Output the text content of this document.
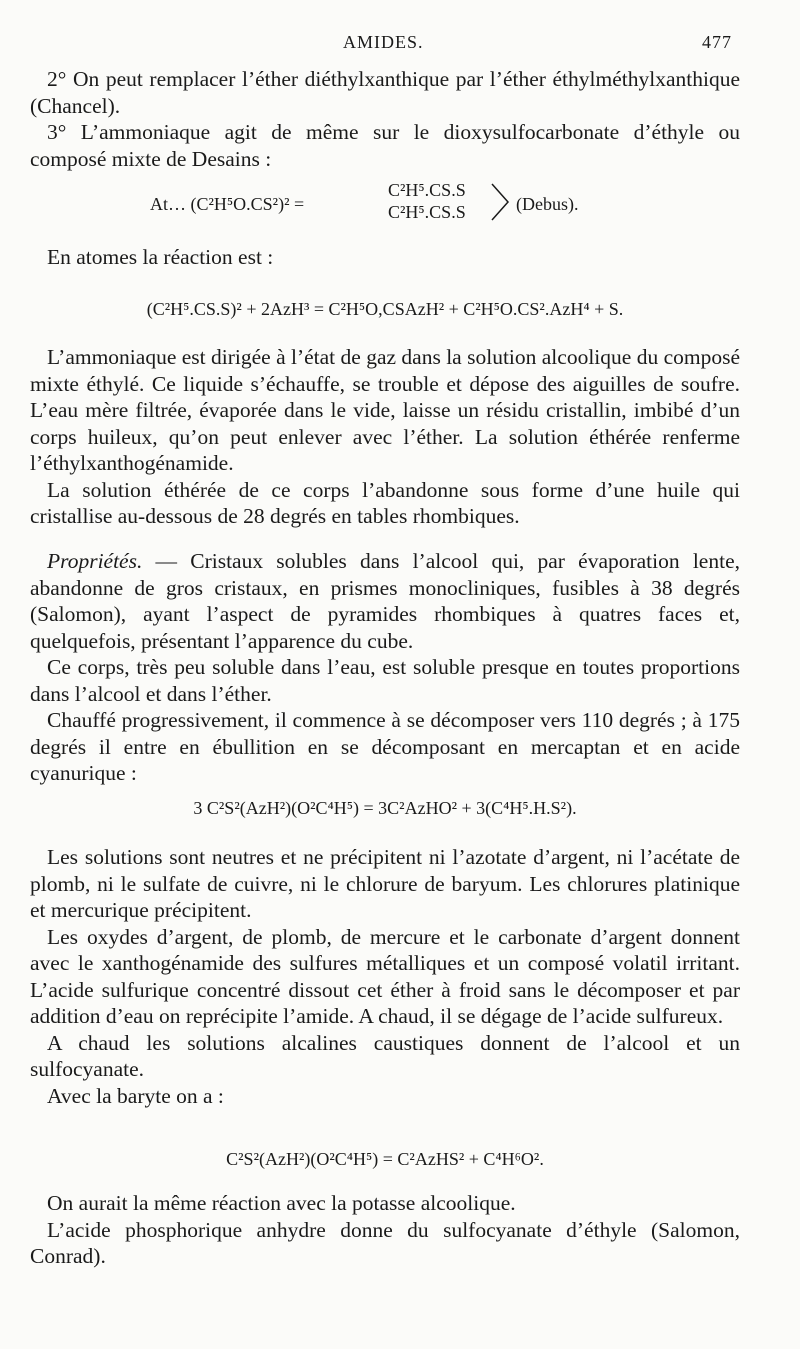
AMIDES.	477

2° On peut remplacer l’éther diéthylxanthique par l’éther éthylméthylxanthique (Chancel).

3° L’ammoniaque agit de même sur le dioxysulfocarbonate d’éthyle ou composé mixte de Desains :

At… (C²H⁵O.CS²)² =
C²H⁵.CS.S
C²H⁵.CS.S	(Debus).

En atomes la réaction est :

(C²H⁵.CS.S)² + 2AzH³ = C²H⁵O,CSAzH² + C²H⁵O.CS².AzH⁴ + S.

L’ammoniaque est dirigée à l’état de gaz dans la solution alcoolique du composé mixte éthylé. Ce liquide s’échauffe, se trouble et dépose des aiguilles de soufre. L’eau mère filtrée, évaporée dans le vide, laisse un résidu cristallin, imbibé d’un corps huileux, qu’on peut enlever avec l’éther. La solution éthérée renferme l’éthylxanthogénamide.

La solution éthérée de ce corps l’abandonne sous forme d’une huile qui cristallise au-dessous de 28 degrés en tables rhombiques.

Propriétés. — Cristaux solubles dans l’alcool qui, par évaporation lente, abandonne de gros cristaux, en prismes monocliniques, fusibles à 38 degrés (Salomon), ayant l’aspect de pyramides rhombiques à quatres faces et, quelquefois, présentant l’apparence du cube.

Ce corps, très peu soluble dans l’eau, est soluble presque en toutes proportions dans l’alcool et dans l’éther.

Chauffé progressivement, il commence à se décomposer vers 110 degrés ; à 175 degrés il entre en ébullition en se décomposant en mercaptan et en acide cyanurique :

3 C²S²(AzH²)(O²C⁴H⁵) = 3C²AzHO² + 3(C⁴H⁵.H.S²).

Les solutions sont neutres et ne précipitent ni l’azotate d’argent, ni l’acétate de plomb, ni le sulfate de cuivre, ni le chlorure de baryum. Les chlorures platinique et mercurique précipitent.

Les oxydes d’argent, de plomb, de mercure et le carbonate d’argent donnent avec le xanthogénamide des sulfures métalliques et un composé volatil irritant. L’acide sulfurique concentré dissout cet éther à froid sans le décomposer et par addition d’eau on reprécipite l’amide. A chaud, il se dégage de l’acide sulfureux.

A chaud les solutions alcalines caustiques donnent de l’alcool et un sulfocyanate.

Avec la baryte on a :

C²S²(AzH²)(O²C⁴H⁵) = C²AzHS² + C⁴H⁶O².

On aurait la même réaction avec la potasse alcoolique.

L’acide phosphorique anhydre donne du sulfocyanate d’éthyle (Salomon, Conrad).
